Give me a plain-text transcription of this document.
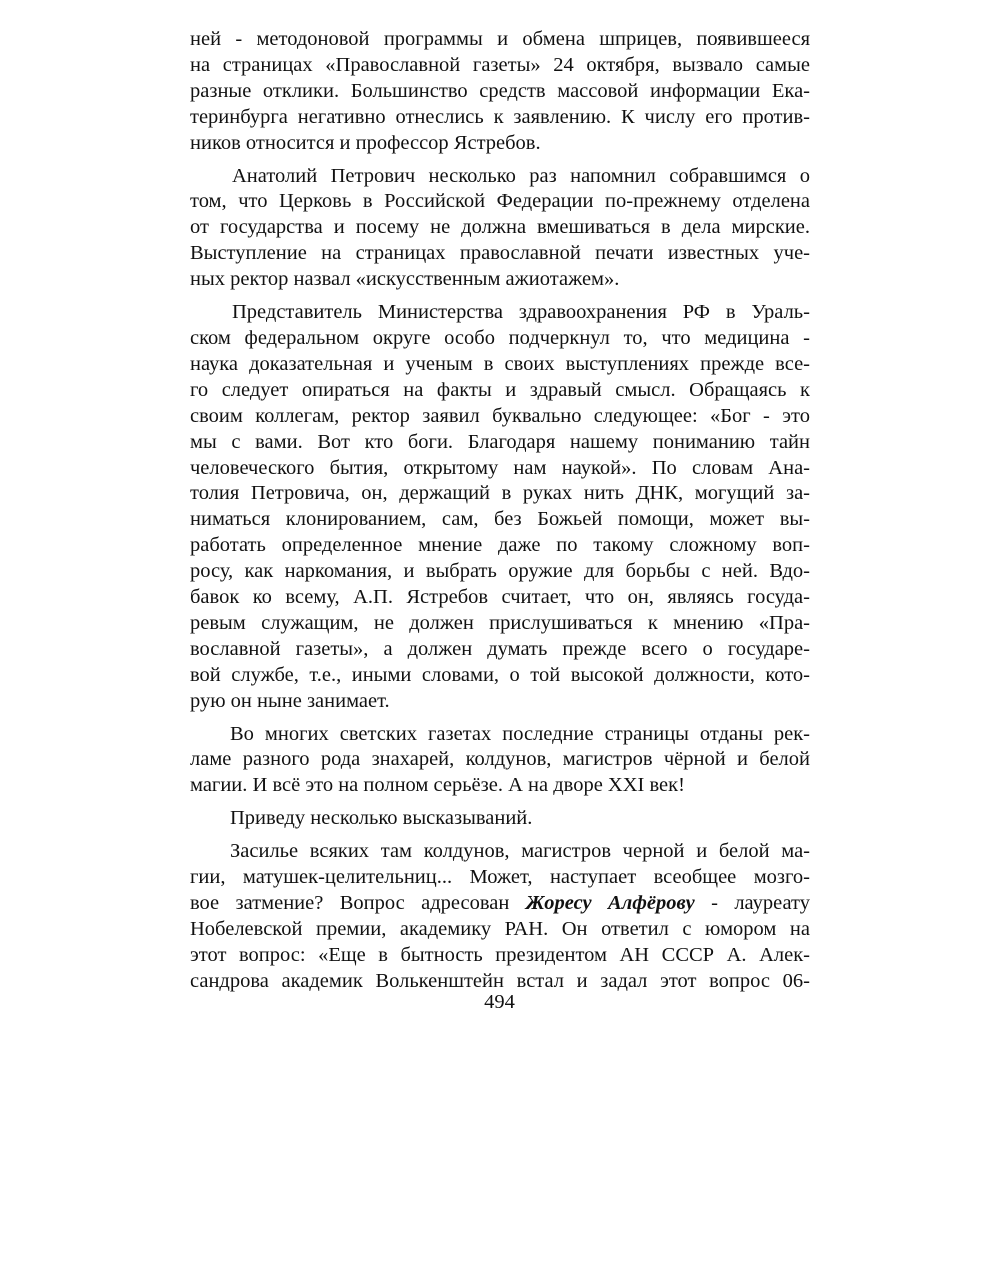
ней - методоновой программы и обмена шприцев, появившееся
на страницах «Православной газеты» 24 октября, вызвало самые
разные отклики. Большинство средств массовой информации Ека-
теринбурга негативно отнеслись к заявлению. К числу его против-
ников относится и профессор Ястребов.
Анатолий Петрович несколько раз напомнил собравшимся о
том, что Церковь в Российской Федерации по-прежнему отделена
от государства и посему не должна вмешиваться в дела мирские.
Выступление на страницах православной печати известных уче-
ных ректор назвал «искусственным ажиотажем».
Представитель Министерства здравоохранения РФ в Ураль-
ском федеральном округе особо подчеркнул то, что медицина -
наука доказательная и ученым в своих выступлениях прежде все-
го следует опираться на факты и здравый смысл. Обращаясь к
своим коллегам, ректор заявил буквально следующее: «Бог - это
мы с вами. Вот кто боги. Благодаря нашему пониманию тайн
человеческого бытия, открытому нам наукой». По словам Ана-
толия Петровича, он, держащий в руках нить ДНК, могущий за-
ниматься клонированием, сам, без Божьей помощи, может вы-
работать определенное мнение даже по такому сложному воп-
росу, как наркомания, и выбрать оружие для борьбы с ней. Вдо-
бавок ко всему, А.П. Ястребов считает, что он, являясь госуда-
ревым служащим, не должен прислушиваться к мнению «Пра-
вославной газеты», а должен думать прежде всего о государе-
вой службе, т.е., иными словами, о той высокой должности, кото-
рую он ныне занимает.
Во многих светских газетах последние страницы отданы рек-
ламе разного рода знахарей, колдунов, магистров чёрной и белой
магии. И всё это на полном серьёзе. А на дворе XXI век!
Приведу несколько высказываний.
Засилье всяких там колдунов, магистров черной и белой ма-
гии, матушек-целительниц... Может, наступает всеобщее мозго-
вое затмение? Вопрос адресован Жоресу Алфёрову - лауреату
Нобелевской премии, академику РАН. Он ответил с юмором на
этот вопрос: «Еще в бытность президентом АН СССР А. Алек-
сандрова академик Волькенштейн встал и задал этот вопрос 06-
494
